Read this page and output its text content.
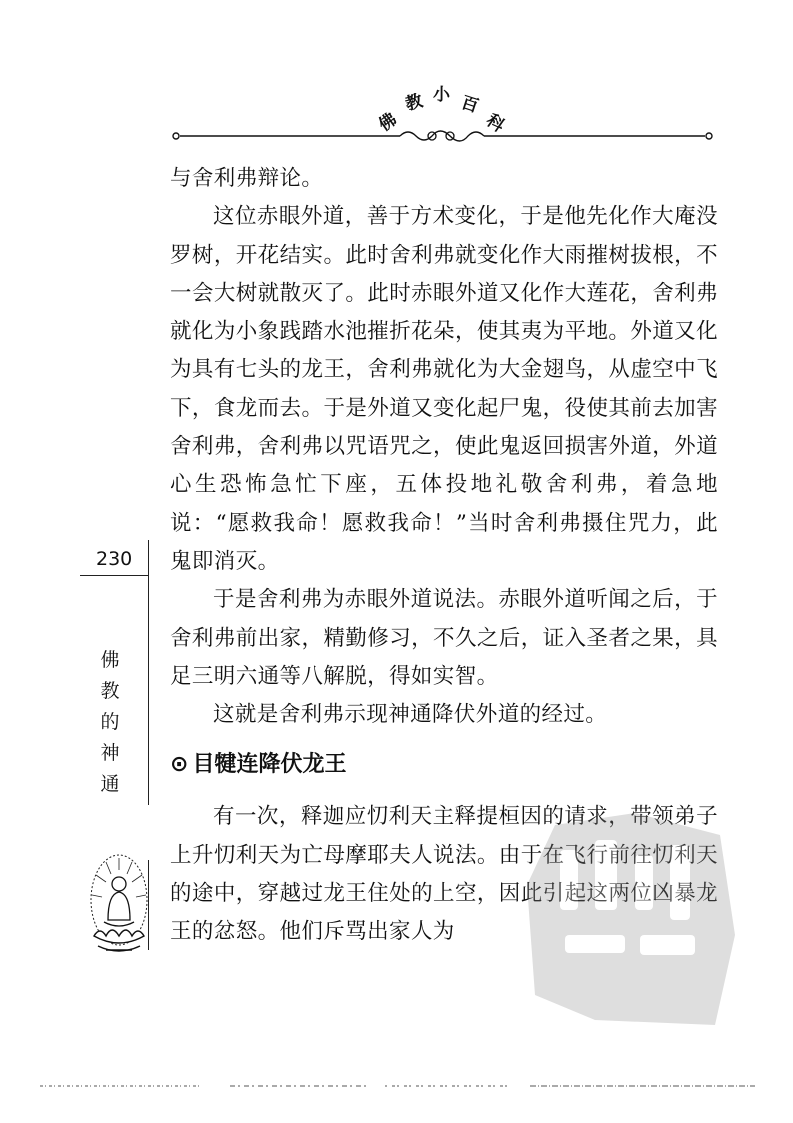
佛
教 小 百
科

与舍利弗辩论。

这位赤眼外道，善于方术变化，于是他先化作大庵没罗树，开花结实。此时舍利弗就变化作大雨摧树拔根，不一会大树就散灭了。此时赤眼外道又化作大莲花，舍利弗就化为小象践踏水池摧折花朵，使其夷为平地。外道又化为具有七头的龙王，舍利弗就化为大金翅鸟，从虚空中飞下，食龙而去。于是外道又变化起尸鬼，役使其前去加害舍利弗，舍利弗以咒语咒之，使此鬼返回损害外道，外道心生恐怖急忙下座，五体投地礼敬舍利弗，着急地说：“愿救我命！愿救我命！”当时舍利弗摄住咒力，此鬼即消灭。

于是舍利弗为赤眼外道说法。赤眼外道听闻之后，于舍利弗前出家，精勤修习，不久之后，证入圣者之果，具足三明六通等八解脱，得如实智。

这就是舍利弗示现神通降伏外道的经过。

⊙ 目犍连降伏龙王

有一次，释迦应忉利天主释提桓因的请求，带领弟子上升忉利天为亡母摩耶夫人说法。由于在飞行前往忉利天的途中，穿越过龙王住处的上空，因此引起这两位凶暴龙王的忿怒。他们斥骂出家人为

230
佛
教
的
神
通
